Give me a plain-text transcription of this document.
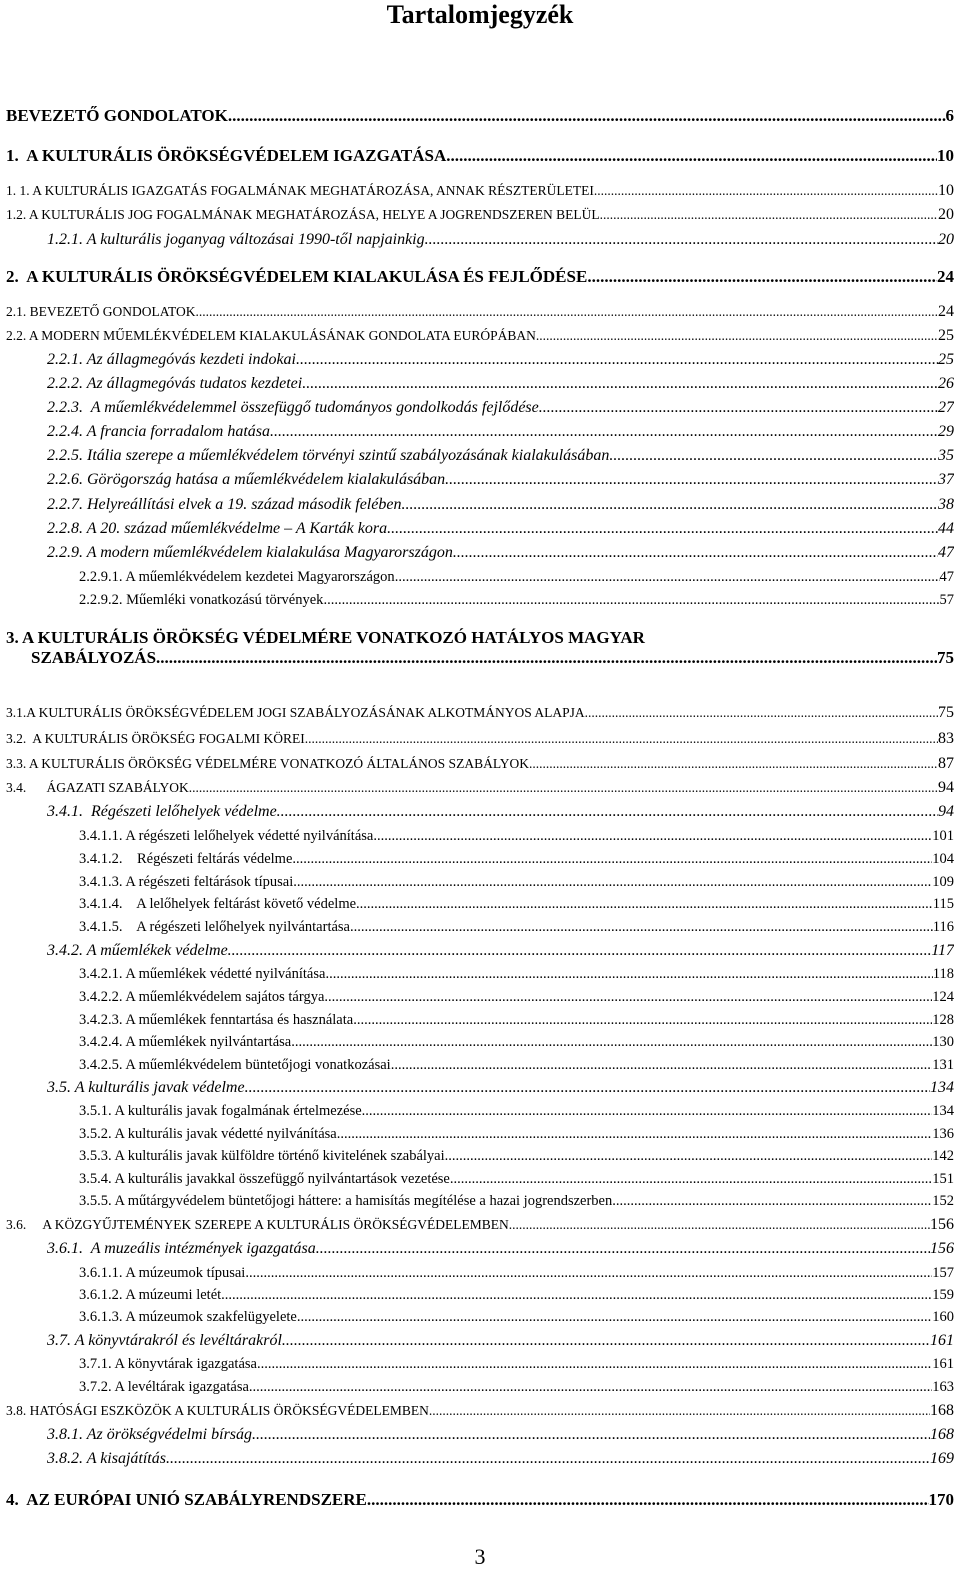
Tartalomjegyzék
BEVEZETŐ GONDOLATOK .....	6
1.  A KULTURÁLIS ÖRÖKSÉGVÉDELEM IGAZGATÁSA .....	10
1. 1. A KULTURÁLIS IGAZGATÁS FOGALMÁNAK MEGHATÁROZÁSA, ANNAK RÉSZTERÜLETEI .....	10
1.2. A KULTURÁLIS JOG FOGALMÁNAK MEGHATÁROZÁSA, HELYE A JOGRENDSZEREN BELÜL .....	20
1.2.1. A kulturális joganyag változásai 1990-től napjainkig .....	20
2.  A KULTURÁLIS ÖRÖKSÉGVÉDELEM KIALAKULÁSA ÉS FEJLŐDÉSE .....	24
2.1. BEVEZETŐ GONDOLATOK .....	24
2.2. A MODERN MŰEMLÉKVÉDELEM KIALAKULÁSÁNAK GONDOLATA EURÓPÁBAN .....	25
2.2.1. Az állagmegóvás kezdeti indokai .....	25
2.2.2. Az állagmegóvás tudatos kezdetei .....	26
2.2.3.  A műemlékvédelemmel összefüggő tudományos gondolkodás fejlődése .....	27
2.2.4. A francia forradalom hatása .....	29
2.2.5. Itália szerepe a műemlékvédelem törvényi szintű szabályozásának kialakulásában .....	35
2.2.6. Görögország hatása a műemlékvédelem kialakulásában .....	37
2.2.7. Helyreállítási elvek a 19. század második felében .....	38
2.2.8. A 20. század műemlékvédelme – A Karták kora .....	44
2.2.9. A modern műemlékvédelem kialakulása Magyarországon .....	47
2.2.9.1. A műemlékvédelem kezdetei Magyarországon .....	47
2.2.9.2. Műemléki vonatkozású törvények .....	57
3. A KULTURÁLIS ÖRÖKSÉG VÉDELMÉRE VONATKOZÓ HATÁLYOS MAGYAR
SZABÁLYOZÁS .....	75
3.1.A KULTURÁLIS ÖRÖKSÉGVÉDELEM JOGI SZABÁLYOZÁSÁNAK ALKOTMÁNYOS ALAPJA .....	75
3.2.  A KULTURÁLIS ÖRÖKSÉG FOGALMI KÖREI .....	83
3.3. A KULTURÁLIS ÖRÖKSÉG VÉDELMÉRE VONATKOZÓ ÁLTALÁNOS SZABÁLYOK .....	87
3.4.      ÁGAZATI SZABÁLYOK .....	94
3.4.1.  Régészeti lelőhelyek védelme .....	94
3.4.1.1. A régészeti lelőhelyek védetté nyilvánítása .....	101
3.4.1.2.    Régészeti feltárás védelme .....	104
3.4.1.3. A régészeti feltárások típusai .....	109
3.4.1.4.    A lelőhelyek feltárást követő védelme .....	115
3.4.1.5.    A régészeti lelőhelyek nyilvántartása .....	116
3.4.2. A műemlékek védelme .....	117
3.4.2.1. A műemlékek védetté nyilvánítása .....	118
3.4.2.2. A műemlékvédelem sajátos tárgya .....	124
3.4.2.3. A műemlékek fenntartása és használata .....	128
3.4.2.4. A műemlékek nyilvántartása .....	130
3.4.2.5. A műemlékvédelem büntetőjogi vonatkozásai .....	131
3.5. A kulturális javak védelme .....	134
3.5.1. A kulturális javak fogalmának értelmezése .....	134
3.5.2. A kulturális javak védetté nyilvánítása .....	136
3.5.3. A kulturális javak külföldre történő kivitelének szabályai .....	142
3.5.4. A kulturális javakkal összefüggő nyilvántartások vezetése .....	151
3.5.5. A műtárgyvédelem büntetőjogi háttere: a hamisítás megítélése a hazai jogrendszerben .....	152
3.6.     A KÖZGYŰJTEMÉNYEK SZEREPE A KULTURÁLIS ÖRÖKSÉGVÉDELEMBEN .....	156
3.6.1.  A muzeális intézmények igazgatása .....	156
3.6.1.1. A múzeumok típusai .....	157
3.6.1.2. A múzeumi letét .....	159
3.6.1.3. A múzeumok szakfelügyelete .....	160
3.7. A könyvtárakról és levéltárakról .....	161
3.7.1. A könyvtárak igazgatása .....	161
3.7.2. A levéltárak igazgatása .....	163
3.8. HATÓSÁGI ESZKÖZÖK A KULTURÁLIS ÖRÖKSÉGVÉDELEMBEN .....	168
3.8.1. Az örökségvédelmi bírság .....	168
3.8.2. A kisajátítás .....	169
4.  AZ EURÓPAI UNIÓ SZABÁLYRENDSZERE .....	170
3
